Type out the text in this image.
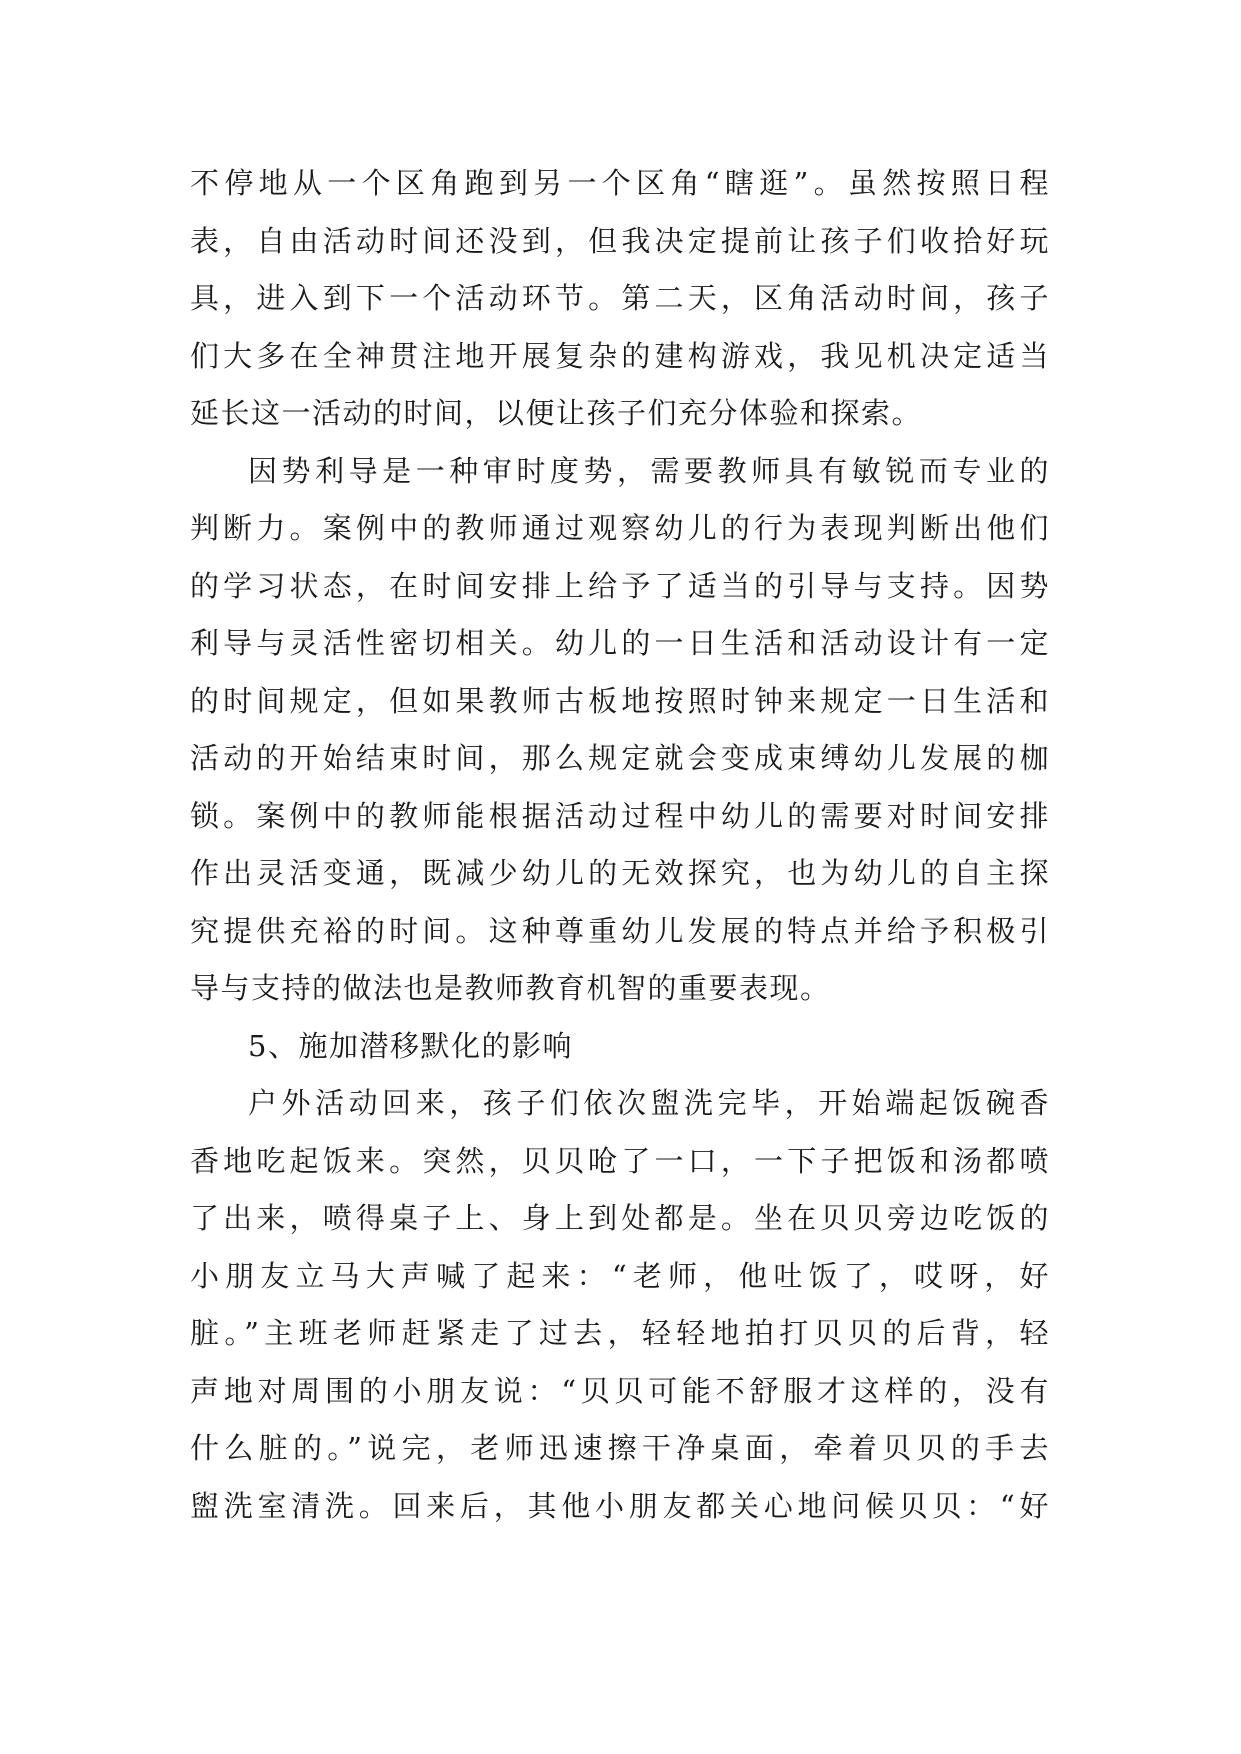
不停地从一个区角跑到另一个区角“瞎逛”。虽然按照日程
表，自由活动时间还没到，但我决定提前让孩子们收拾好玩
具，进入到下一个活动环节。第二天，区角活动时间，孩子
们大多在全神贯注地开展复杂的建构游戏，我见机决定适当
延长这一活动的时间，以便让孩子们充分体验和探索。
因势利导是一种审时度势，需要教师具有敏锐而专业的
判断力。案例中的教师通过观察幼儿的行为表现判断出他们
的学习状态，在时间安排上给予了适当的引导与支持。因势
利导与灵活性密切相关。幼儿的一日生活和活动设计有一定
的时间规定，但如果教师古板地按照时钟来规定一日生活和
活动的开始结束时间，那么规定就会变成束缚幼儿发展的枷
锁。案例中的教师能根据活动过程中幼儿的需要对时间安排
作出灵活变通，既减少幼儿的无效探究，也为幼儿的自主探
究提供充裕的时间。这种尊重幼儿发展的特点并给予积极引
导与支持的做法也是教师教育机智的重要表现。
5、施加潜移默化的影响
户外活动回来，孩子们依次盥洗完毕，开始端起饭碗香
香地吃起饭来。突然，贝贝呛了一口，一下子把饭和汤都喷
了出来，喷得桌子上、身上到处都是。坐在贝贝旁边吃饭的
小朋友立马大声喊了起来：“老师，他吐饭了，哎呀，好
脏。”主班老师赶紧走了过去，轻轻地拍打贝贝的后背，轻
声地对周围的小朋友说：“贝贝可能不舒服才这样的，没有
什么脏的。”说完，老师迅速擦干净桌面，牵着贝贝的手去
盥洗室清洗。回来后，其他小朋友都关心地问候贝贝：“好
